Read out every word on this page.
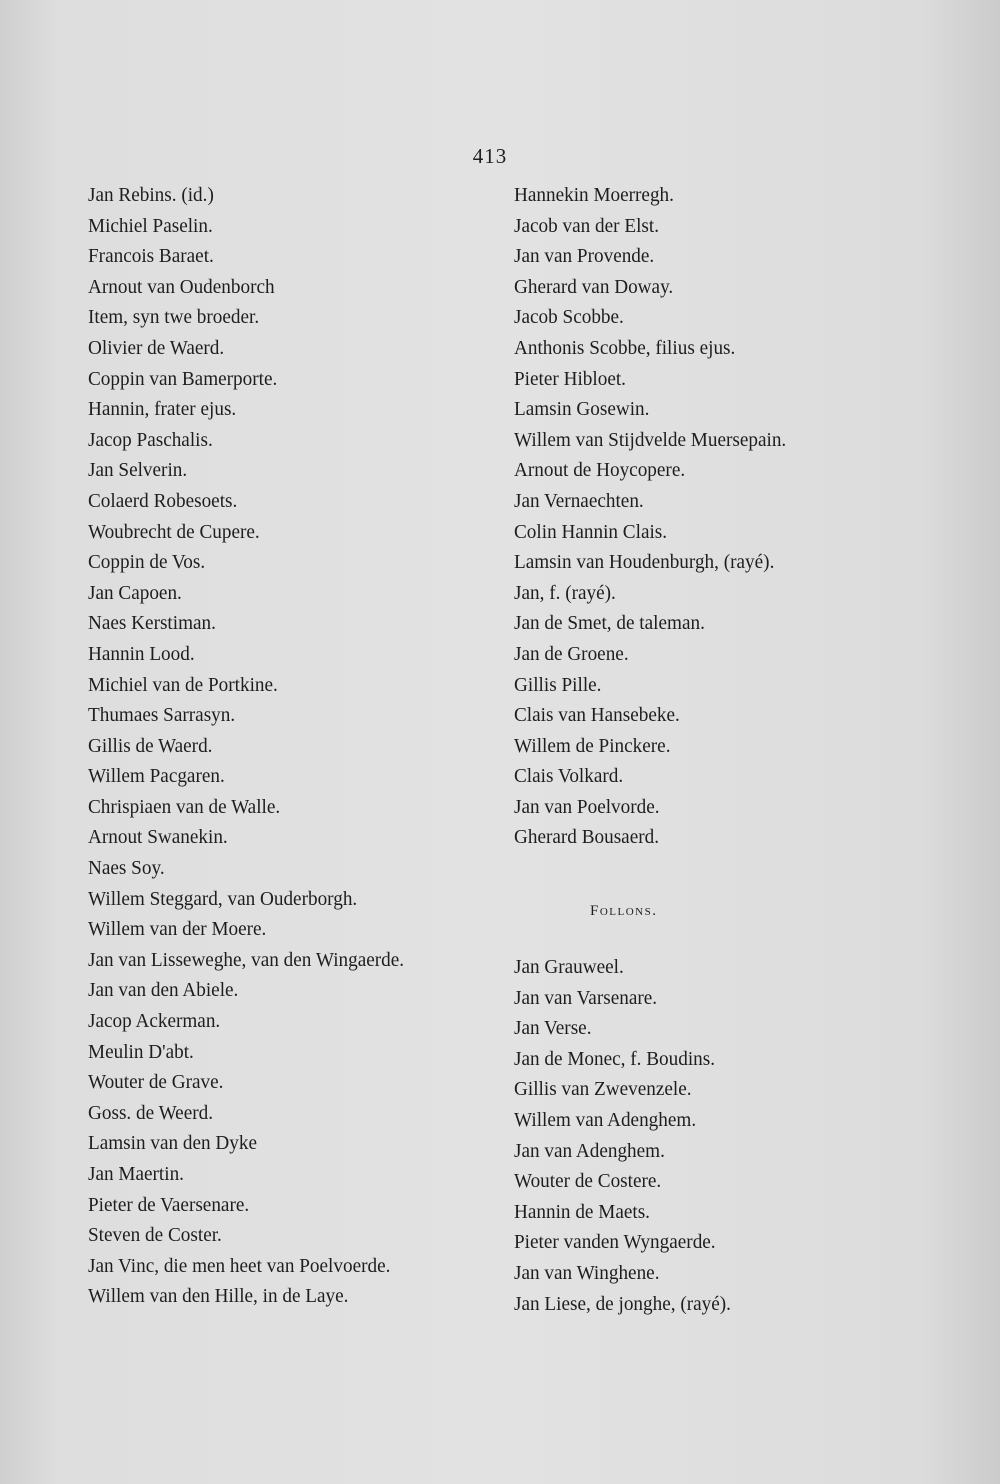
413
Jan Rebins. (id.)
Michiel Paselin.
Francois Baraet.
Arnout van Oudenborch
Item, syn twe broeder.
Olivier de Waerd.
Coppin van Bamerporte.
Hannin, frater ejus.
Jacop Paschalis.
Jan Selverin.
Colaerd Robesoets.
Woubrecht de Cupere.
Coppin de Vos.
Jan Capoen.
Naes Kerstiman.
Hannin Lood.
Michiel van de Portkine.
Thumaes Sarrasyn.
Gillis de Waerd.
Willem Pacgaren.
Chrispiaen van de Walle.
Arnout Swanekin.
Naes Soy.
Willem Steggard, van Ouderborgh.
Willem van der Moere.
Jan van Lisseweghe, van den Wingaerde.
Jan van den Abiele.
Jacop Ackerman.
Meulin D'abt.
Wouter de Grave.
Goss. de Weerd.
Lamsin van den Dyke
Jan Maertin.
Pieter de Vaersenare.
Steven de Coster.
Jan Vinc, die men heet van Poelvoerde.
Willem van den Hille, in de Laye.
Hannekin Moerregh.
Jacob van der Elst.
Jan van Provende.
Gherard van Doway.
Jacob Scobbe.
Anthonis Scobbe, filius ejus.
Pieter Hibloet.
Lamsin Gosewin.
Willem van Stijdvelde Muersepain.
Arnout de Hoycopere.
Jan Vernaechten.
Colin Hannin Clais.
Lamsin van Houdenburgh, (rayé).
Jan, f. (rayé).
Jan de Smet, de taleman.
Jan de Groene.
Gillis Pille.
Clais van Hansebeke.
Willem de Pinckere.
Clais Volkard.
Jan van Poelvorde.
Gherard Bousaerd.
Follons.
Jan Grauweel.
Jan van Varsenare.
Jan Verse.
Jan de Monec, f. Boudins.
Gillis van Zwevenzele.
Willem van Adenghem.
Jan van Adenghem.
Wouter de Costere.
Hannin de Maets.
Pieter vanden Wyngaerde.
Jan van Winghene.
Jan Liese, de jonghe, (rayé).
